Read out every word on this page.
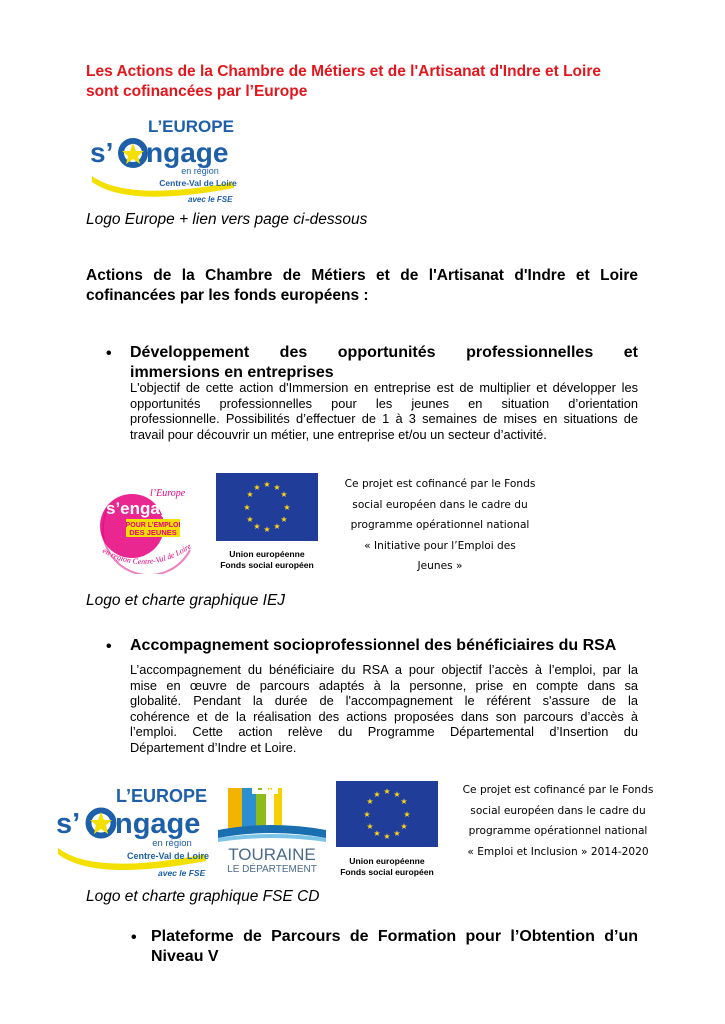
Les Actions de la Chambre de Métiers et de l'Artisanat d'Indre et Loire
sont cofinancées par l’Europe
L’EUROPE
s’ ngage
en région
Centre-Val de Loire
avec le FSE
Logo Europe + lien vers page ci-dessous
Actions de la Chambre de Métiers et de l'Artisanat d'Indre et Loire
cofinancées par les fonds européens :
• Développement des opportunités professionnelles et
immersions en entreprises
L'objectif de cette action d'Immersion en entreprise est de multiplier et développer les
opportunités professionnelles pour les jeunes en situation d’orientation
professionnelle. Possibilités d’effectuer de 1 à 3 semaines de mises en situations de
travail pour découvrir un métier, une entreprise et/ou un secteur d’activité.
l’Europe
s’engage
POUR L’EMPLOI
DES JEUNES
en région Centre-Val de Loire
★ ★
★
★
★
★
★
★
★
★
★
★
Union européenne
Fonds social européen
Ce projet est cofinancé par le Fonds
social européen dans le cadre du
programme opérationnel national
« Initiative pour l’Emploi des
Jeunes »
Logo et charte graphique IEJ
• Accompagnement socioprofessionnel des bénéficiaires du RSA
L’accompagnement du bénéficiaire du RSA a pour objectif l’accès à l’emploi, par la
mise en œuvre de parcours adaptés à la personne, prise en compte dans sa
globalité. Pendant la durée de l'accompagnement le référent s'assure de la
cohérence et de la réalisation des actions proposées dans son parcours d’accès à
l’emploi. Cette action relève du Programme Départemental d’Insertion du
Département d’Indre et Loire.
L’EUROPE
s’ ngage
en région
Centre-Val de Loire
avec le FSE
TOURAINE
LE DÉPARTEMENT
★ ★
★
★
★
★
★
★
★
★
★
★
Union européenne
Fonds social européen
Ce projet est cofinancé par le Fonds
social européen dans le cadre du
programme opérationnel national
« Emploi et Inclusion » 2014-2020
Logo et charte graphique FSE CD
• Plateforme de Parcours de Formation pour l’Obtention d’un
Niveau V
